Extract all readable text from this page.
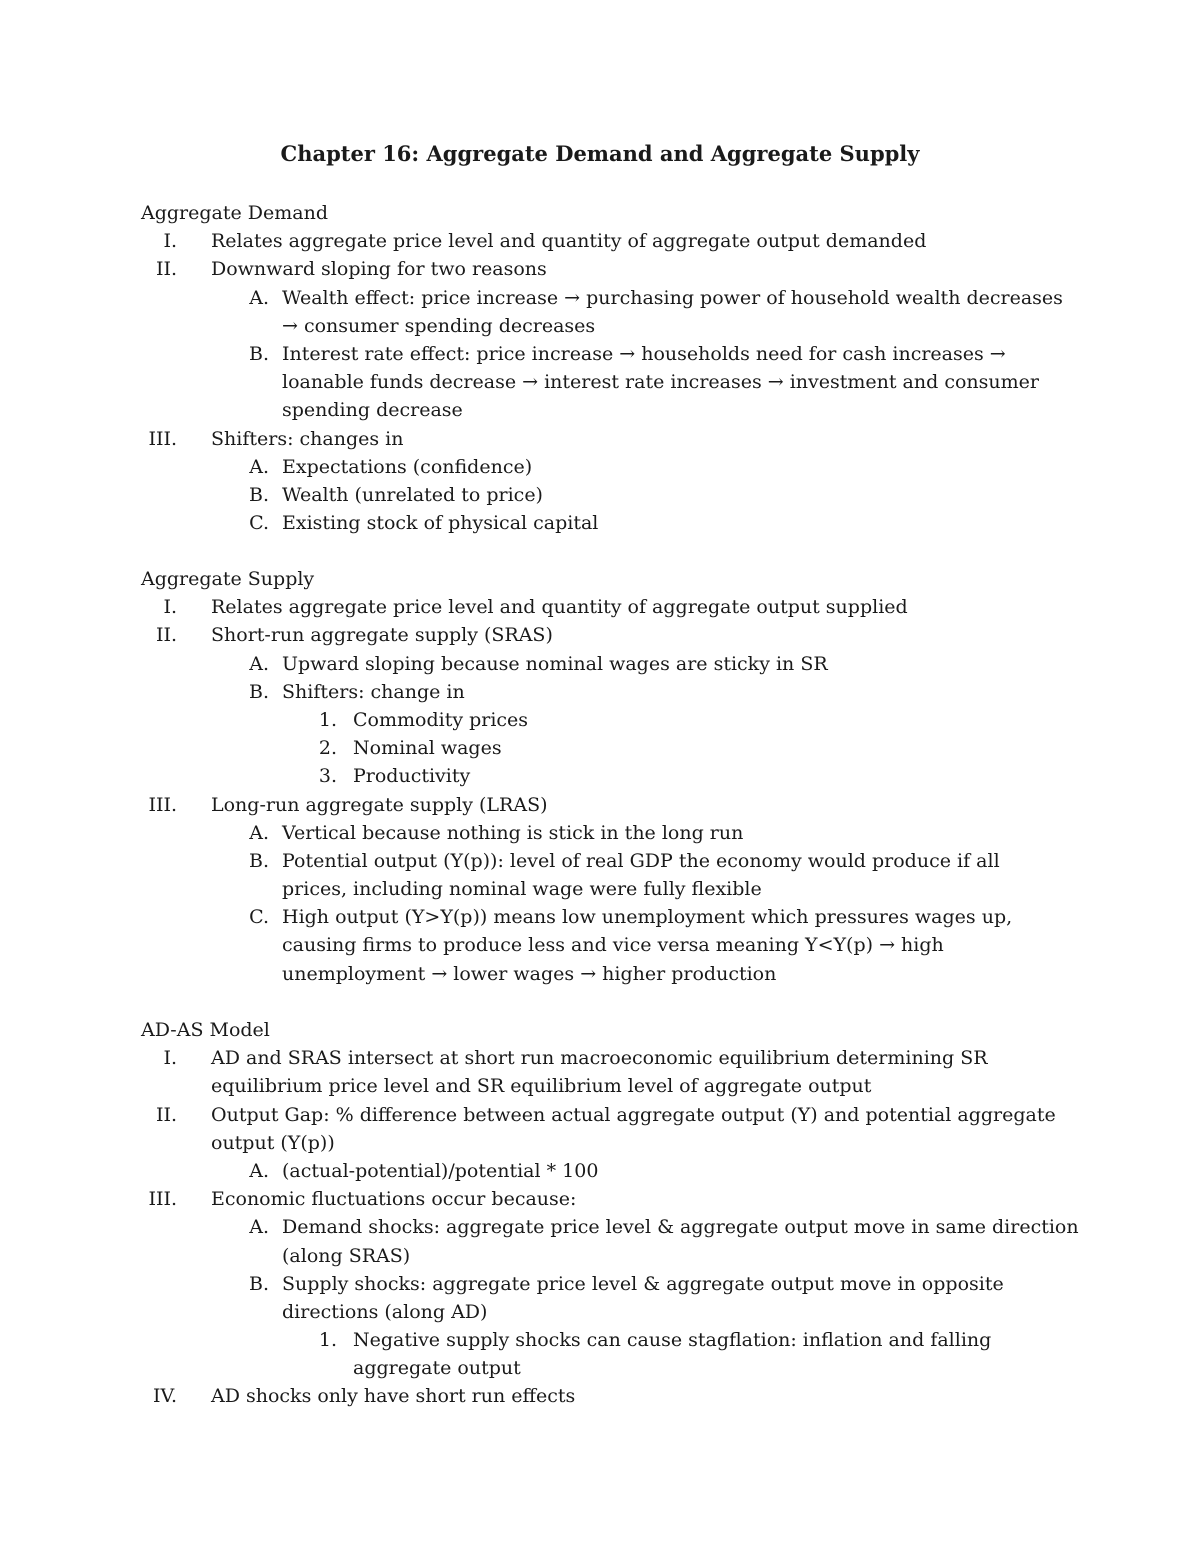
Chapter 16: Aggregate Demand and Aggregate Supply
Aggregate Demand
I. Relates aggregate price level and quantity of aggregate output demanded
II. Downward sloping for two reasons
A. Wealth effect: price increase → purchasing power of household wealth decreases
→ consumer spending decreases
B. Interest rate effect: price increase → households need for cash increases →
loanable funds decrease → interest rate increases → investment and consumer
spending decrease
III. Shifters: changes in
A. Expectations (confidence)
B. Wealth (unrelated to price)
C. Existing stock of physical capital
Aggregate Supply
I. Relates aggregate price level and quantity of aggregate output supplied
II. Short-run aggregate supply (SRAS)
A. Upward sloping because nominal wages are sticky in SR
B. Shifters: change in
1. Commodity prices
2. Nominal wages
3. Productivity
III. Long-run aggregate supply (LRAS)
A. Vertical because nothing is stick in the long run
B. Potential output (Y(p)): level of real GDP the economy would produce if all
prices, including nominal wage were fully flexible
C. High output (Y>Y(p)) means low unemployment which pressures wages up,
causing firms to produce less and vice versa meaning Y<Y(p) → high
unemployment → lower wages → higher production
AD-AS Model
I. AD and SRAS intersect at short run macroeconomic equilibrium determining SR
equilibrium price level and SR equilibrium level of aggregate output
II. Output Gap: % difference between actual aggregate output (Y) and potential aggregate
output (Y(p))
A. (actual-potential)/potential * 100
III. Economic fluctuations occur because:
A. Demand shocks: aggregate price level & aggregate output move in same direction
(along SRAS)
B. Supply shocks: aggregate price level & aggregate output move in opposite
directions (along AD)
1. Negative supply shocks can cause stagflation: inflation and falling
aggregate output
IV. AD shocks only have short run effects
